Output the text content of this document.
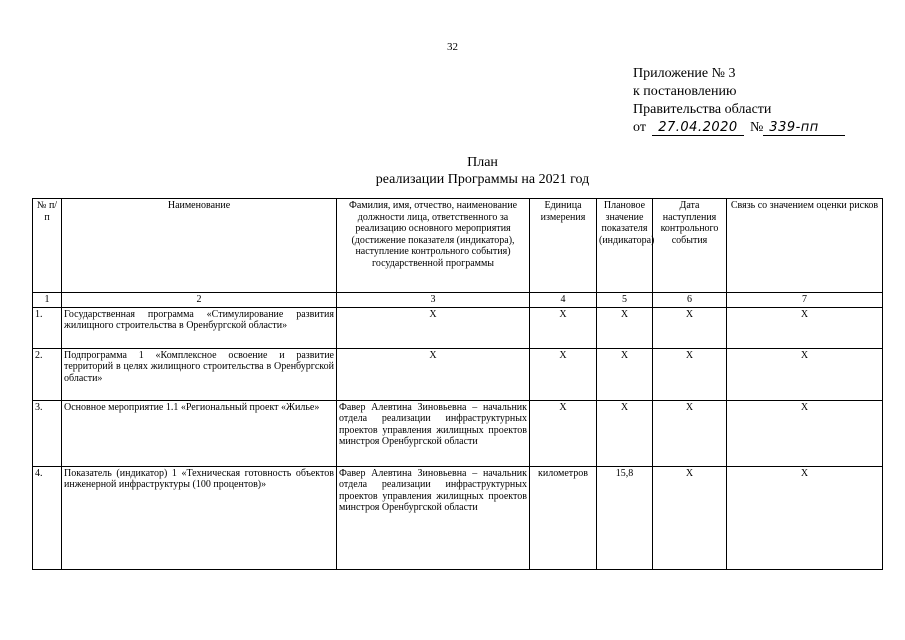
32
Приложение № 3
к постановлению
Правительства области
от 27.04.2020 № 339-пп
План
реализации Программы на 2021 год
№ п/п	Наименование	Фамилия, имя, отчество, наименование должности лица, ответственного за реализацию основного мероприятия (достижение показателя (индикатора), наступление контрольного события) государственной программы	Единица измерения	Плановое значение показателя (индикатора)	Дата наступления контрольного события	Связь со значением оценки рисков
1	2	3	4	5	6	7
1.	Государственная программа «Стимулирование развития жилищного строительства в Оренбургской области»	X	X	X	X	X
2.	Подпрограмма 1 «Комплексное освоение и развитие территорий в целях жилищного строительства в Оренбургской области»	X	X	X	X	X
3.	Основное мероприятие 1.1 «Региональный проект «Жилье»	Фавер Алевтина Зиновьевна – начальник отдела реализации инфраструктурных проектов управления жилищных проектов минстроя Оренбургской области	X	X	X	X
4.	Показатель (индикатор) 1 «Техническая готовность объектов инженерной инфраструктуры (100 процентов)»	Фавер Алевтина Зиновьевна – начальник отдела реализации инфраструктурных проектов управления жилищных проектов минстроя Оренбургской области	километров	15,8	X	X
